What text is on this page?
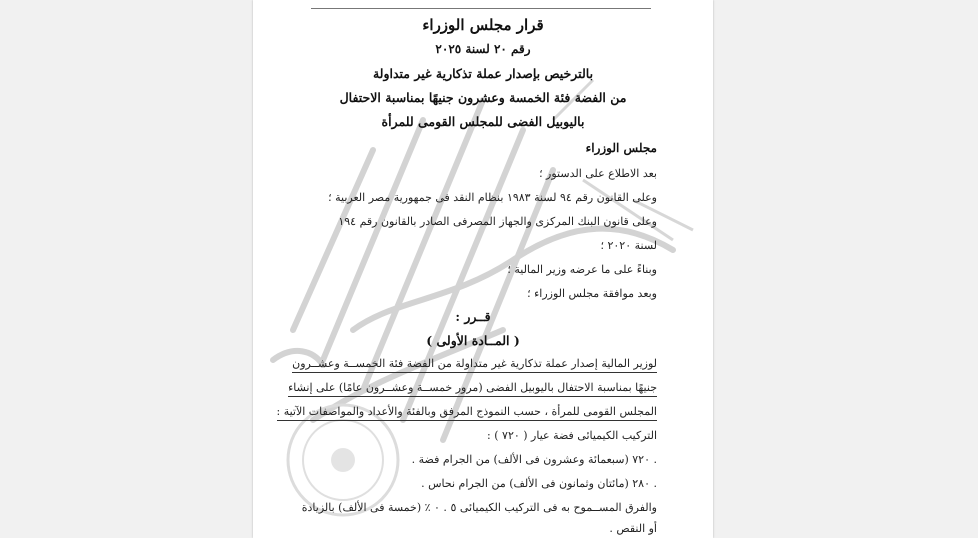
قرار مجلس الوزراء
رقم ٢٠ لسنة ٢٠٢٥
بالترخيص بإصدار عملة تذكارية غير متداولة
من الفضة فئة الخمسة وعشرون جنيهًا بمناسبة الاحتفال
باليوبيل الفضى للمجلس القومى للمرأة
مجلس الوزراء
بعد الاطلاع على الدستور ؛
وعلى القانون رقم ٩٤ لسنة ١٩٨٣ بنظام النقد فى جمهورية مصر العربية ؛
وعلى قانون البنك المركزى والجهاز المصرفى الصادر بالقانون رقم ١٩٤
لسنة ٢٠٢٠ ؛
وبناءً على ما عرضه وزير المالية ؛
وبعد موافقة مجلس الوزراء ؛
قــرر :
( المــادة الأولى )
لوزير المالية إصدار عملة تذكارية غير متداولة من الفضة فئة الخمســة وعشــرون
جنيهًا بمناسبة الاحتفال باليوبيل الفضى (مرور خمســة وعشــرون عامًا) على إنشاء
المجلس القومى للمرأة ، حسب النموذج المرفق وبالفئة والأعداد والمواصفات الآتية :
التركيب الكيميائى فضة عيار ( ٧٢٠ ) :
. ٧٢٠ (سبعمائة وعشرون فى الألف) من الجرام فضة .
. ٢٨٠ (مائتان وثمانون فى الألف) من الجرام نحاس .
والفرق المســموح به فى التركيب الكيميائى ٥ . ٠ ٪ (خمسة فى الألف) بالزيادة
أو النقص .
